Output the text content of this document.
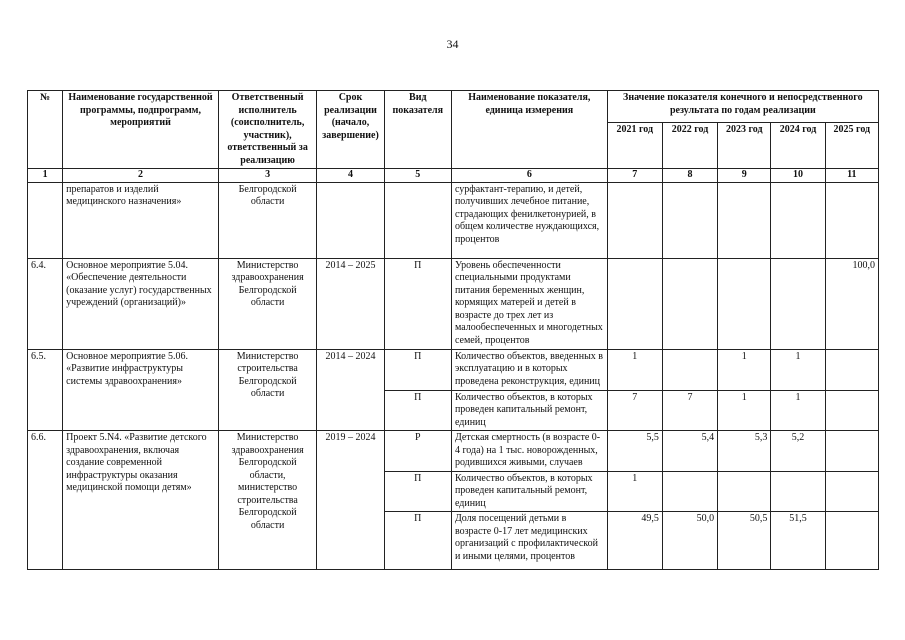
34
№	Наименование государственной программы, подпрограмм, мероприятий	Ответственный исполнитель (соисполнитель, участник), ответственный за реализацию	Срок реализации (начало, завершение)	Вид показателя	Наименование показателя, единица измерения	Значение показателя конечного и непосредственного результата по годам реализации				
						2021 год	2022 год	2023 год	2024 год	2025 год
1	2	3	4	5	6	7	8	9	10	11
	препаратов и изделий медицинского назначения»	Белгородской области			сурфактант-терапию, и детей, получивших лечебное питание, страдающих фенилкетонурией, в общем количестве нуждающихся, процентов					
6.4.	Основное мероприятие 5.04. «Обеспечение деятельности (оказание услуг) государственных учреждений (организаций)»	Министерство здравоохранения Белгородской области	2014 – 2025	П	Уровень обеспеченности специальными продуктами питания беременных женщин, кормящих матерей и детей в возрасте до трех лет из малообеспеченных и многодетных семей, процентов					100,0
6.5.	Основное мероприятие 5.06. «Развитие инфраструктуры системы здравоохранения»	Министерство строительства Белгородской области	2014 – 2024	П	Количество объектов, введенных в эксплуатацию и в которых проведена реконструкция, единиц	1		1	1	
				П	Количество объектов, в которых проведен капитальный ремонт, единиц	7	7	1	1	
6.6.	Проект 5.N4. «Развитие детского здравоохранения, включая создание современной инфраструктуры оказания медицинской помощи детям»	Министерство здравоохранения Белгородской области, министерство строительства Белгородской области	2019 – 2024	Р	Детская смертность (в возрасте 0-4 года) на 1 тыс. новорожденных, родившихся живыми, случаев	5,5	5,4	5,3	5,2	
				П	Количество объектов, в которых проведен капитальный ремонт, единиц	1				
				П	Доля посещений детьми в возрасте 0-17 лет медицинских организаций с профилактической и иными целями, процентов	49,5	50,0	50,5	51,5	
